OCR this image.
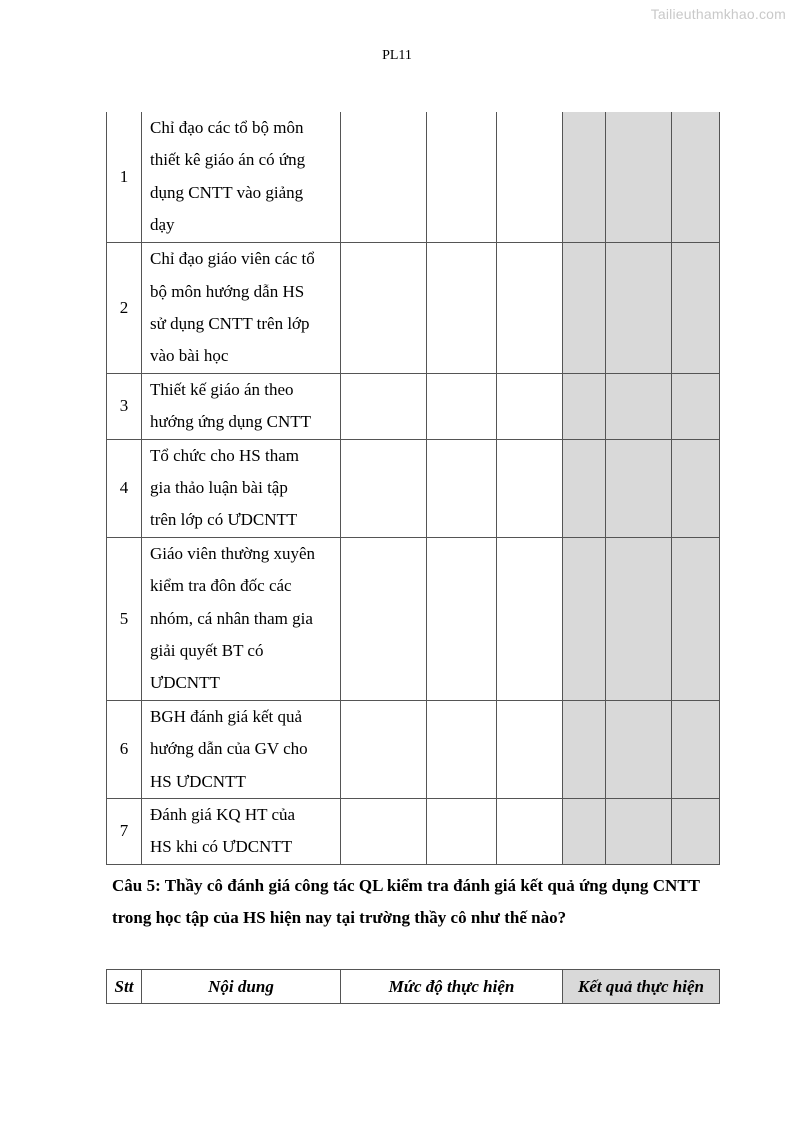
Tailieuthamkhao.com
PL11
1	Chỉ đạo các tổ bộ môn
thiết kê giáo án có ứng
dụng CNTT vào giảng
dạy						

2	Chỉ đạo giáo viên các tổ
bộ môn hướng dẫn HS
sử dụng CNTT trên lớp
vào bài học						

3	Thiết kế giáo án theo
hướng ứng dụng CNTT						

4	Tổ chức cho HS tham
gia thảo luận bài tập
trên lớp có ƯDCNTT						

5	Giáo viên thường xuyên
kiểm tra đôn đốc các
nhóm, cá nhân tham gia
giải quyết BT có
ƯDCNTT						

6	BGH đánh giá kết quả
hướng dẫn của GV cho
HS ƯDCNTT						

7	Đánh giá KQ HT của
HS khi có ƯDCNTT						

Câu 5: Thầy cô đánh giá công tác QL kiểm tra đánh giá kết quả ứng dụng CNTT trong học tập của HS hiện nay tại trường thầy cô như thế nào?
Stt	Nội dung	Mức độ thực hiện	Kết quả thực hiện
